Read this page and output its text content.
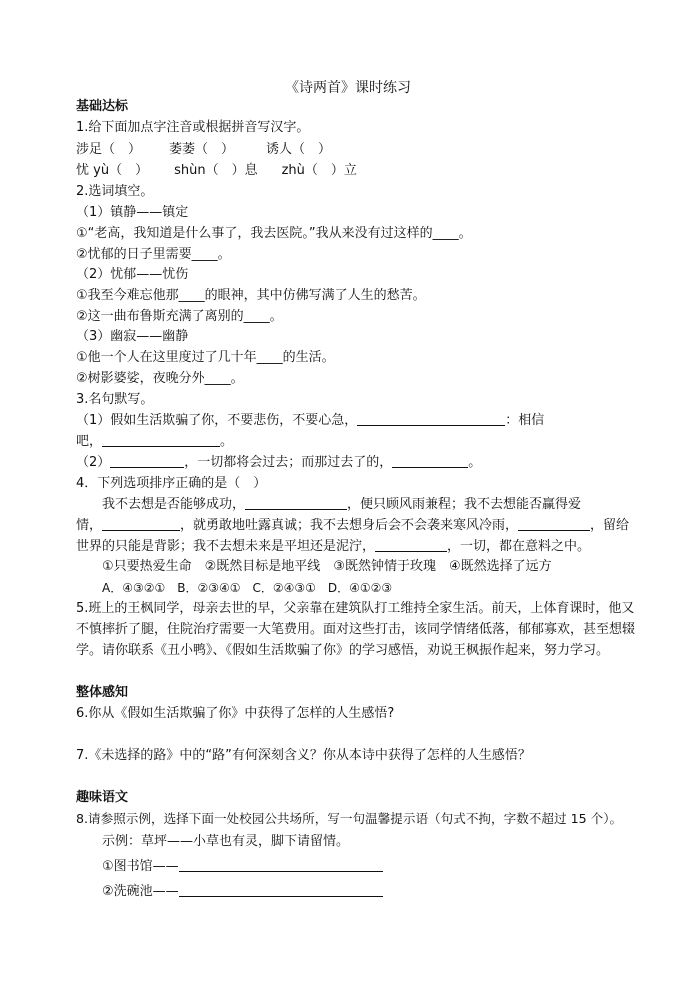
《诗两首》课时练习
基础达标
1.给下面加点字注音或根据拼音写汉字。
涉足（　） 萎萎（　） 诱人（　）
忧 yù（　） shùn（　）息 zhù（　）立
2.选词填空。
（1）镇静——镇定
①“老高，我知道是什么事了，我去医院。”我从来没有过这样的____。
②忧郁的日子里需要____。
（2）忧郁——忧伤
①我至今难忘他那____的眼神，其中仿佛写满了人生的愁苦。
②这一曲布鲁斯充满了离别的____。
（3）幽寂——幽静
①他一个人在这里度过了几十年____的生活。
②树影婆娑，夜晚分外____。
3.名句默写。
（1）假如生活欺骗了你，不要悲伤，不要心急，	：相信
吧，	。
（2）	，一切都将会过去；而那过去了的，	。
4．下列选项排序正确的是（　）
我不去想是否能够成功，	，便只顾风雨兼程；我不去想能否赢得爱
情，	，就勇敢地吐露真诚；我不去想身后会不会袭来寒风冷雨，	，留给
世界的只能是背影；我不去想未来是平坦还是泥泞，	，一切，都在意料之中。
①只要热爱生命　②既然目标是地平线　③既然钟情于玫瑰　④既然选择了远方
A．④③②①　B．②③④①　C．②④③①　D．④①②③
5.班上的王枫同学，母亲去世的早，父亲靠在建筑队打工维持全家生活。前天，上体育课时，他又
不慎摔折了腿，住院治疗需要一大笔费用。面对这些打击，该同学情绪低落，郁郁寡欢，甚至想辍
学。请你联系《丑小鸭》、《假如生活欺骗了你》的学习感悟，劝说王枫振作起来，努力学习。
整体感知
6.你从《假如生活欺骗了你》中获得了怎样的人生感悟?
7.《未选择的路》中的“路”有何深刻含义？你从本诗中获得了怎样的人生感悟？
趣味语文
8.请参照示例，选择下面一处校园公共场所，写一句温馨提示语（句式不拘，字数不超过 15 个）。
示例：草坪——小草也有灵，脚下请留情。
①图书馆——
②洗碗池——
